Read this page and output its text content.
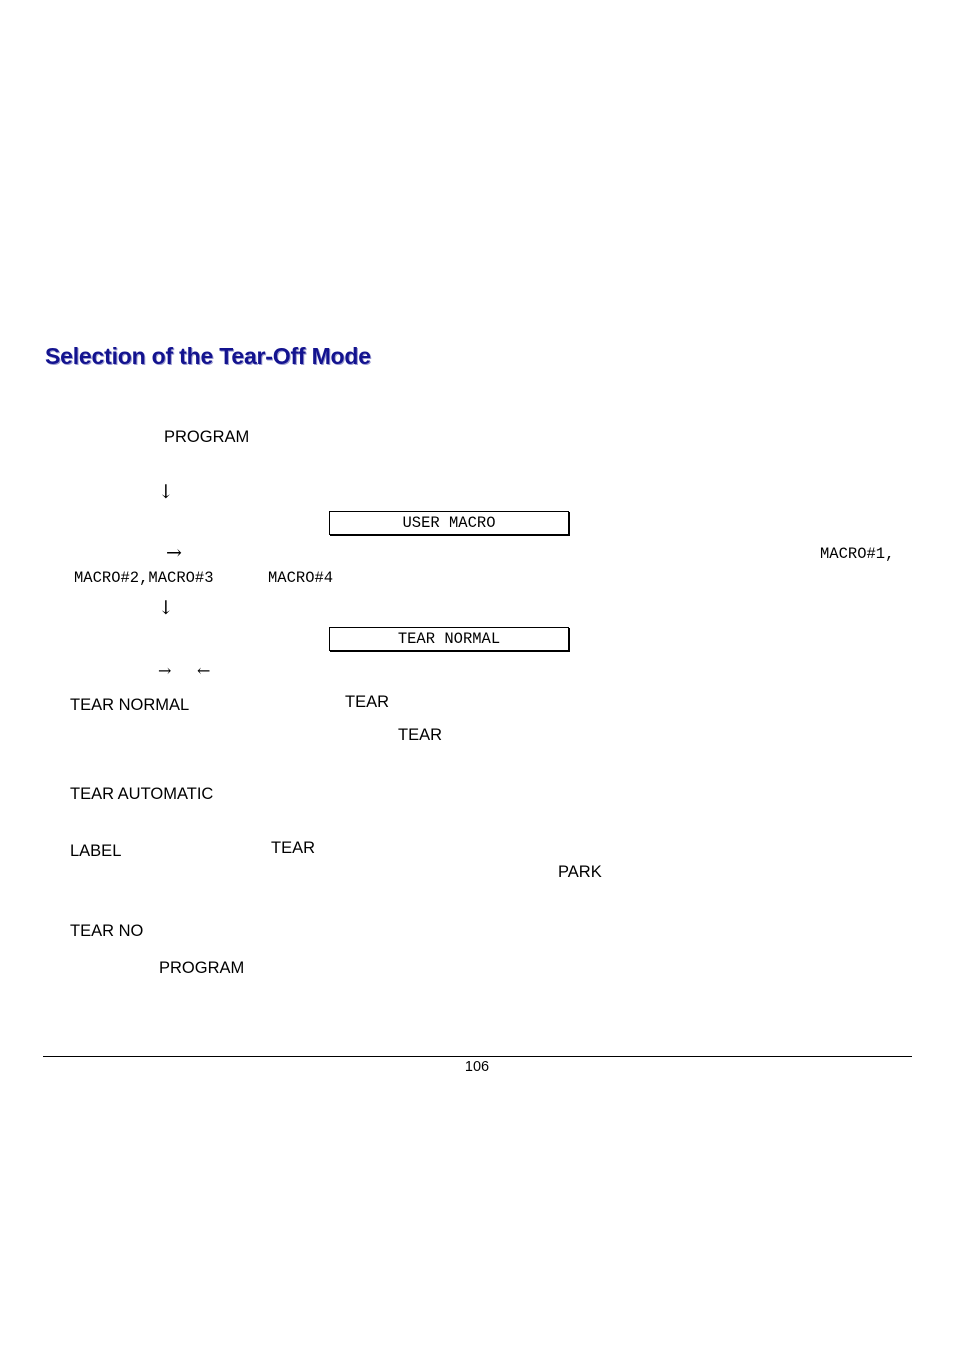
Selection of the Tear-Off Mode
PROGRAM
↓
USER MACRO
→	MACRO#1,
MACRO#2,MACRO#3	MACRO#4
↓
TEAR NORMAL
→ ←
TEAR NORMAL	TEAR
TEAR
TEAR AUTOMATIC
LABEL	TEAR
PARK
TEAR NO
PROGRAM
106
